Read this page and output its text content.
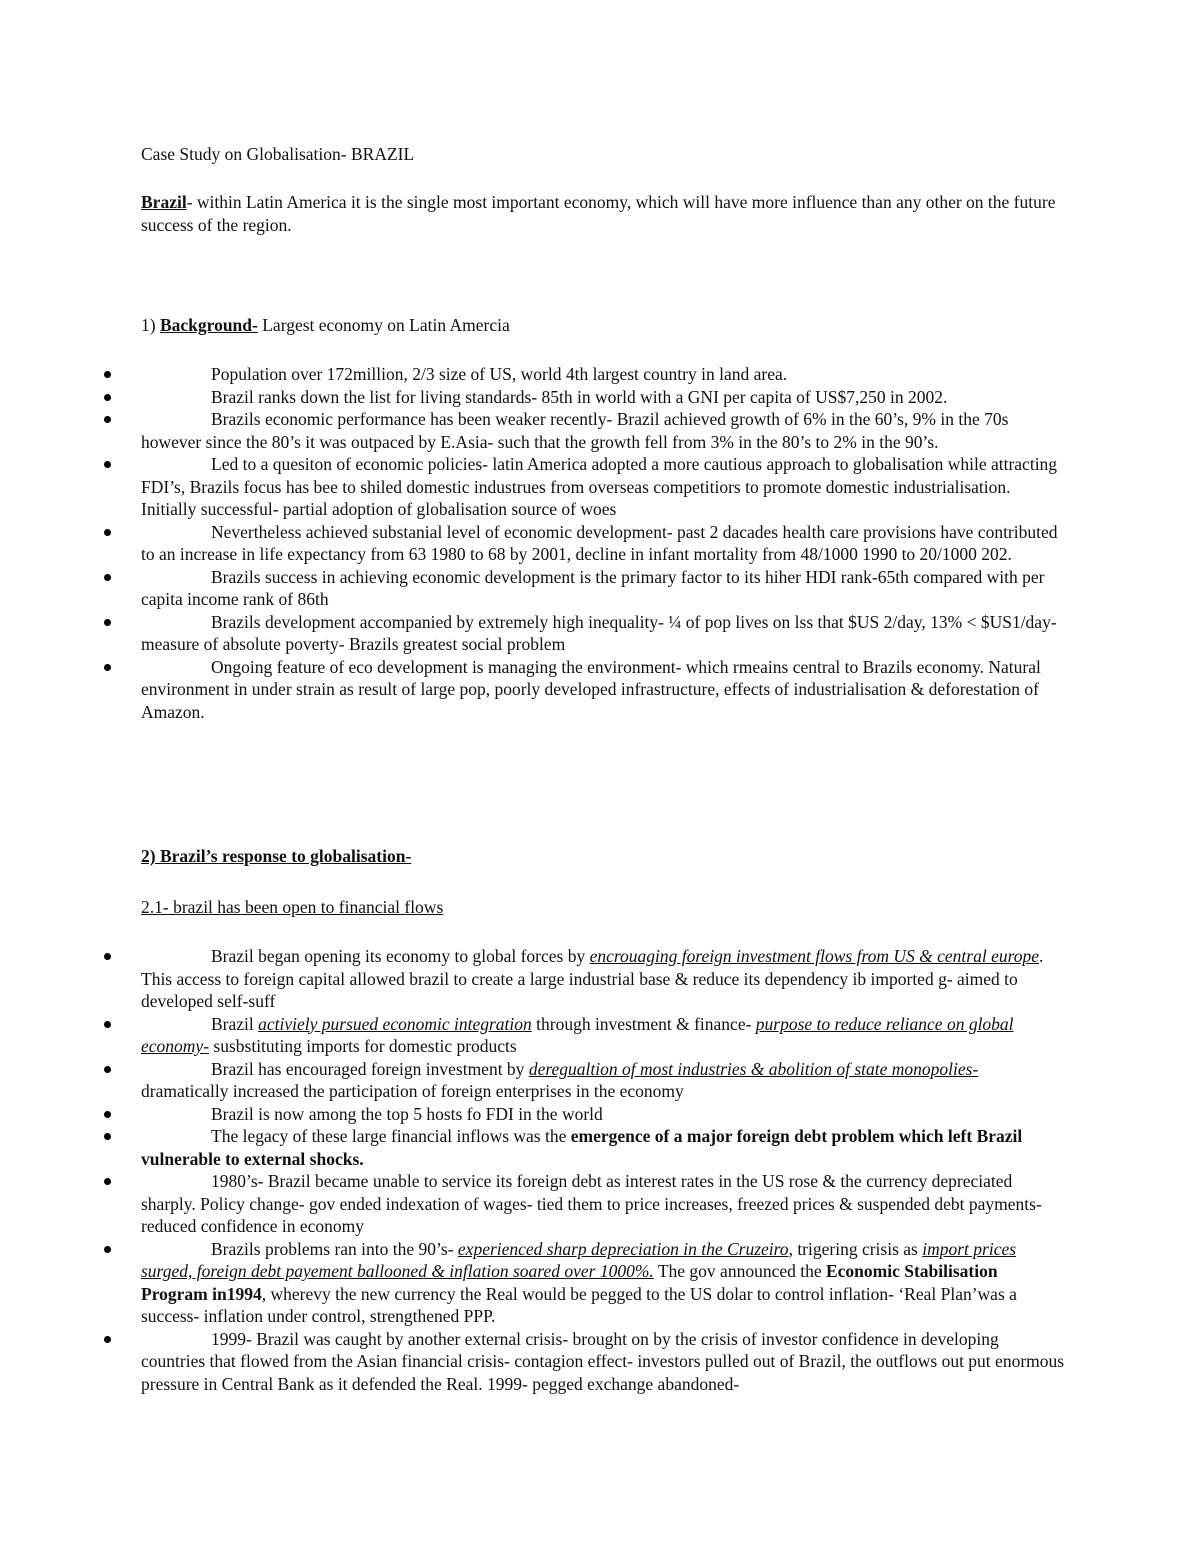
Case Study on Globalisation- BRAZIL
Brazil- within Latin America it is the single most important economy, which will have more influence than any other on the future success of the region.
1) Background- Largest economy on Latin Amercia
Population over 172million, 2/3 size of US, world 4th largest country in land area.
Brazil ranks down the list for living standards- 85th in world with a GNI per capita of US$7,250 in 2002.
Brazils economic performance has been weaker recently- Brazil achieved growth of 6% in the 60’s, 9% in the 70s however since the 80’s it was outpaced by E.Asia- such that the growth fell from 3% in the 80’s to 2% in the 90’s.
Led to a quesiton of economic policies- latin America adopted a more cautious approach to globalisation while attracting FDI’s, Brazils focus has bee to shiled domestic industrues from overseas competitiors to promote domestic industrialisation. Initially successful- partial adoption of globalisation source of woes
Nevertheless achieved substanial level of economic development- past 2 dacades health care provisions have contributed to an increase in life expectancy from 63 1980 to 68 by 2001, decline in infant mortality from 48/1000 1990 to 20/1000 202.
Brazils success in achieving economic development is the primary factor to its hiher HDI rank-65th compared with per capita income rank of 86th
Brazils development accompanied by extremely high inequality- ¼ of pop lives on lss that $US 2/day, 13% < $US1/day-measure of absolute poverty- Brazils greatest social problem
Ongoing feature of eco development is managing the environment- which rmeains central to Brazils economy. Natural environment in under strain as result of large pop, poorly developed infrastructure, effects of industrialisation & deforestation of Amazon.
2) Brazil’s response to globalisation-
2.1- brazil has been open to financial flows
Brazil began opening its economy to global forces by encrouaging foreign investment flows from US & central europe. This access to foreign capital allowed brazil to create a large industrial base & reduce its dependency ib imported g- aimed to developed self-suff
Brazil activiely pursued economic integration through investment & finance- purpose to reduce reliance on global economy- susbstituting imports for domestic products
Brazil has encouraged foreign investment by deregualtion of most industries & abolition of state monopolies- dramatically increased the participation of foreign enterprises in the economy
Brazil is now among the top 5 hosts fo FDI in the world
The legacy of these large financial inflows was the emergence of a major foreign debt problem which left Brazil vulnerable to external shocks.
1980’s- Brazil became unable to service its foreign debt as interest rates in the US rose & the currency depreciated sharply. Policy change- gov ended indexation of wages- tied them to price increases, freezed prices & suspended debt payments- reduced confidence in economy
Brazils problems ran into the 90’s- experienced sharp depreciation in the Cruzeiro, trigering crisis as import prices surged, foreign debt payement ballooned & inflation soared over 1000%. The gov announced the Economic Stabilisation Program in1994, wherevy the new currency the Real would be pegged to the US dolar to control inflation- ‘Real Plan’was a success- inflation under control, strengthened PPP.
1999- Brazil was caught by another external crisis- brought on by the crisis of investor confidence in developing countries that flowed from the Asian financial crisis- contagion effect- investors pulled out of Brazil, the outflows out put enormous pressure in Central Bank as it defended the Real. 1999- pegged exchange abandoned-
